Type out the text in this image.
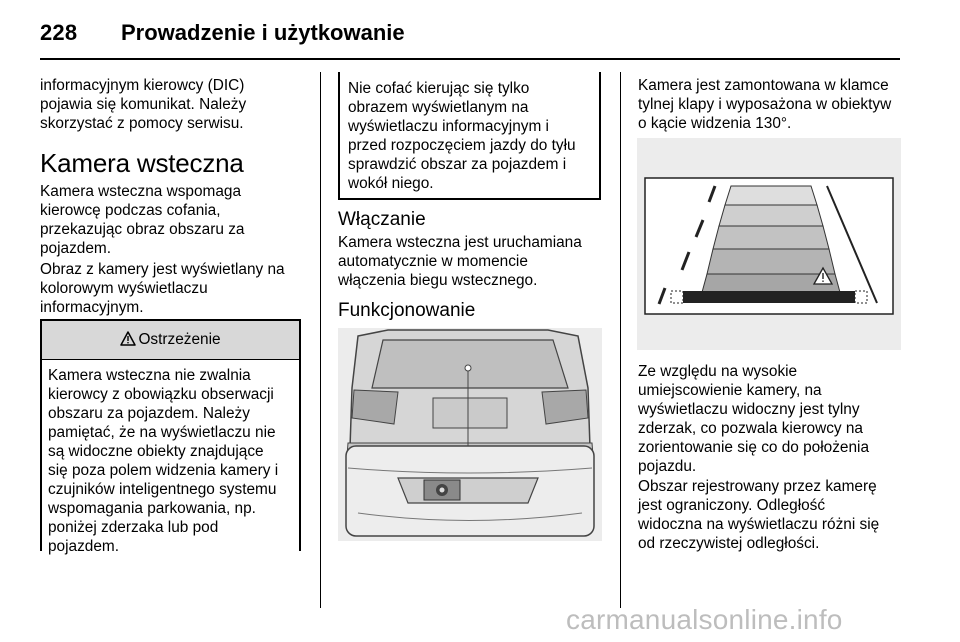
228 Prowadzenie i użytkowanie
informacyjnym kierowcy (DIC)
pojawia się komunikat. Należy
skorzystać z pomocy serwisu.
Kamera wsteczna
Kamera wsteczna wspomaga
kierowcę podczas cofania,
przekazując obraz obszaru za
pojazdem.
Obraz z kamery jest wyświetlany na
kolorowym wyświetlaczu
informacyjnym.
Ostrzeżenie
Kamera wsteczna nie zwalnia
kierowcy z obowiązku obserwacji
obszaru za pojazdem. Należy
pamiętać, że na wyświetlaczu nie
są widoczne obiekty znajdujące
się poza polem widzenia kamery i
czujników inteligentnego systemu
wspomagania parkowania, np.
poniżej zderzaka lub pod
pojazdem.
Nie cofać kierując się tylko
obrazem wyświetlanym na
wyświetlaczu informacyjnym i
przed rozpoczęciem jazdy do tyłu
sprawdzić obszar za pojazdem i
wokół niego.
Włączanie
Kamera wsteczna jest uruchamiana
automatycznie w momencie
włączenia biegu wstecznego.
Funkcjonowanie
Kamera jest zamontowana w klamce
tylnej klapy i wyposażona w obiektyw
o kącie widzenia 130°.
Ze względu na wysokie
umiejscowienie kamery, na
wyświetlaczu widoczny jest tylny
zderzak, co pozwala kierowcy na
zorientowanie się co do położenia
pojazdu.
Obszar rejestrowany przez kamerę
jest ograniczony. Odległość
widoczna na wyświetlaczu różni się
od rzeczywistej odległości.
carmanualsonline.info
